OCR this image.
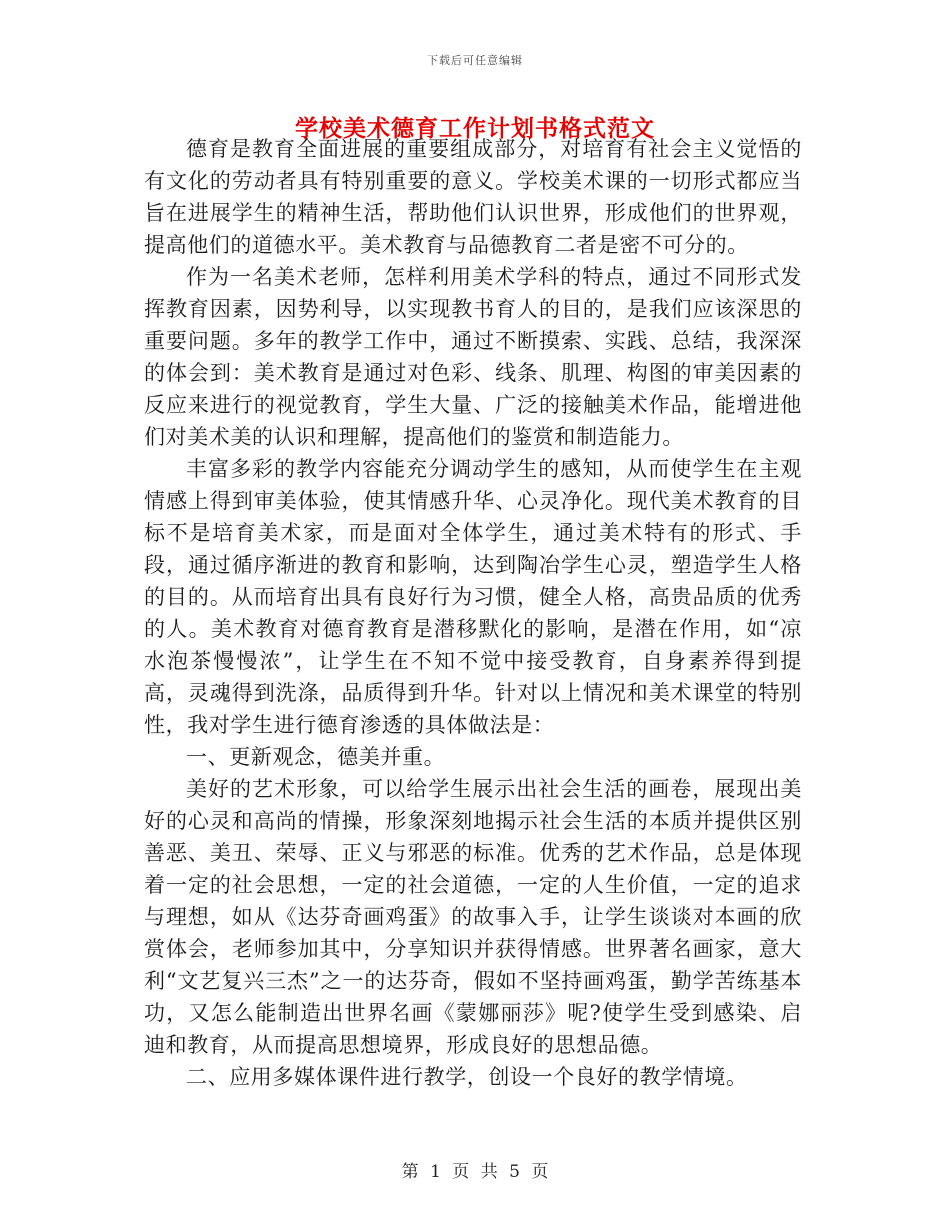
下载后可任意编辑
学校美术德育工作计划书格式范文

德育是教育全面进展的重要组成部分，对培育有社会主义觉悟的有文化的劳动者具有特别重要的意义。学校美术课的一切形式都应当旨在进展学生的精神生活，帮助他们认识世界，形成他们的世界观，提高他们的道德水平。美术教育与品德教育二者是密不可分的。

作为一名美术老师，怎样利用美术学科的特点，通过不同形式发挥教育因素，因势利导，以实现教书育人的目的，是我们应该深思的重要问题。多年的教学工作中，通过不断摸索、实践、总结，我深深的体会到：美术教育是通过对色彩、线条、肌理、构图的审美因素的反应来进行的视觉教育，学生大量、广泛的接触美术作品，能增进他们对美术美的认识和理解，提高他们的鉴赏和制造能力。

丰富多彩的教学内容能充分调动学生的感知，从而使学生在主观情感上得到审美体验，使其情感升华、心灵净化。现代美术教育的目标不是培育美术家，而是面对全体学生，通过美术特有的形式、手段，通过循序渐进的教育和影响，达到陶冶学生心灵，塑造学生人格的目的。从而培育出具有良好行为习惯，健全人格，高贵品质的优秀的人。美术教育对德育教育是潜移默化的影响，是潜在作用，如“凉水泡茶慢慢浓”，让学生在不知不觉中接受教育，自身素养得到提高，灵魂得到洗涤，品质得到升华。针对以上情况和美术课堂的特别性，我对学生进行德育渗透的具体做法是：

一、更新观念，德美并重。

美好的艺术形象，可以给学生展示出社会生活的画卷，展现出美好的心灵和高尚的情操，形象深刻地揭示社会生活的本质并提供区别善恶、美丑、荣辱、正义与邪恶的标准。优秀的艺术作品，总是体现着一定的社会思想，一定的社会道德，一定的人生价值，一定的追求与理想，如从《达芬奇画鸡蛋》的故事入手，让学生谈谈对本画的欣赏体会，老师参加其中，分享知识并获得情感。世界著名画家，意大利“文艺复兴三杰”之一的达芬奇，假如不坚持画鸡蛋，勤学苦练基本功，又怎么能制造出世界名画《蒙娜丽莎》呢?使学生受到感染、启迪和教育，从而提高思想境界，形成良好的思想品德。

二、应用多媒体课件进行教学，创设一个良好的教学情境。

第 1 页 共 5 页
